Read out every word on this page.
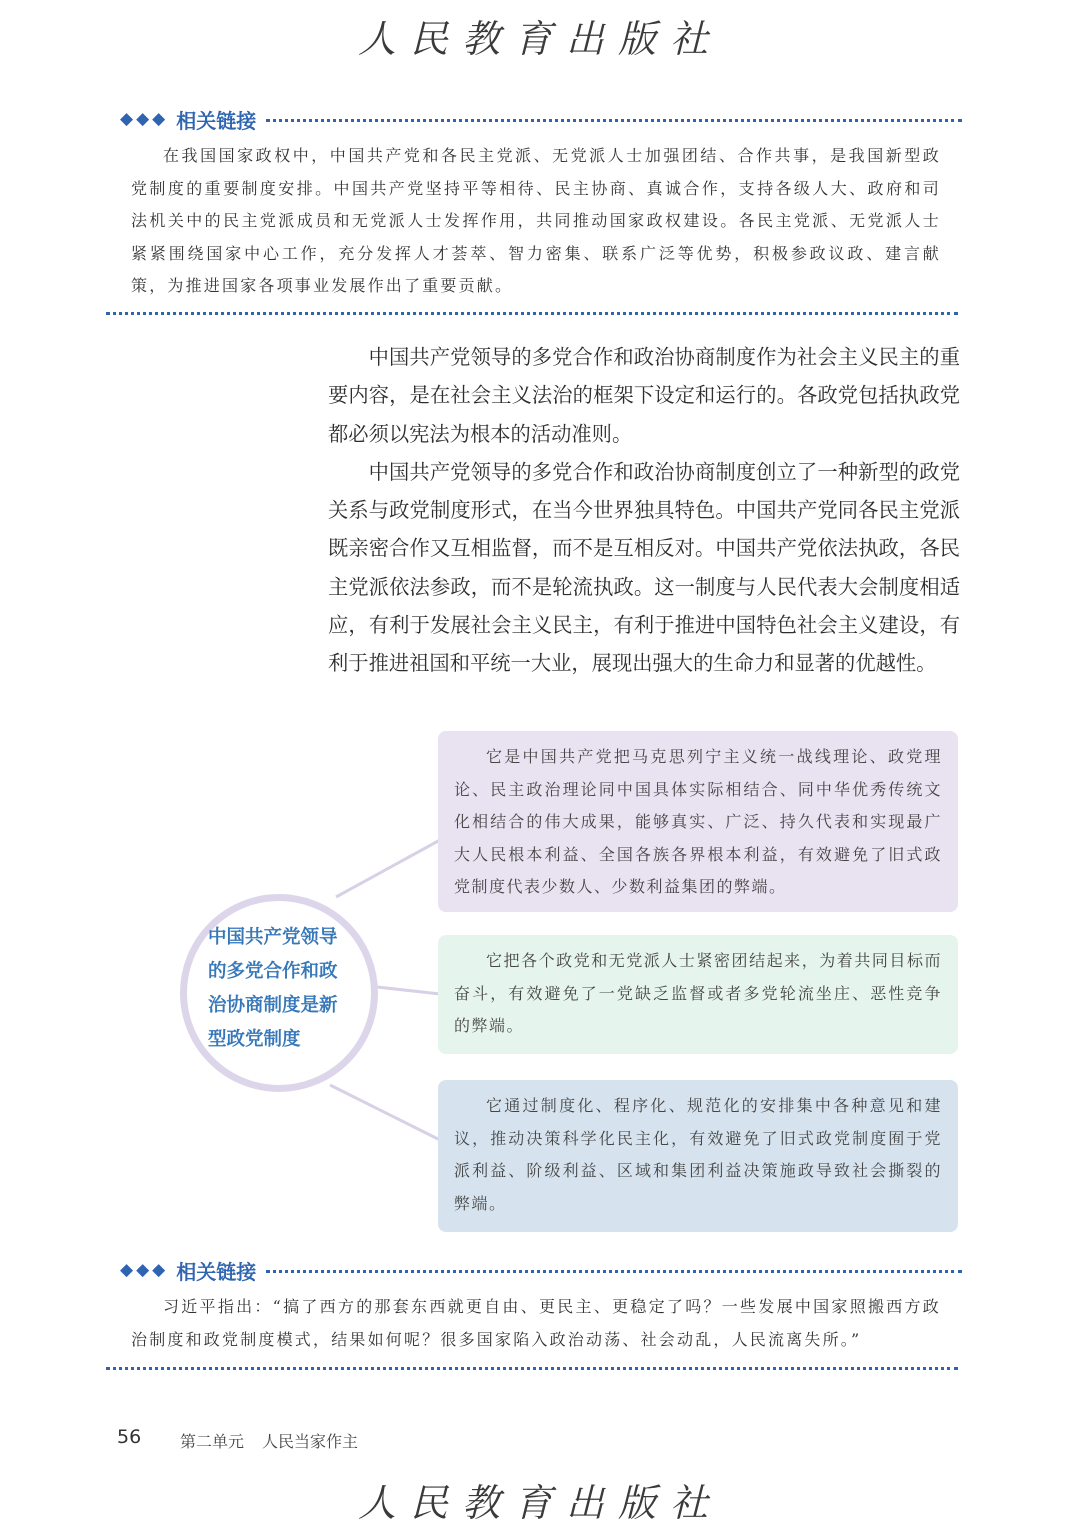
人民教育出版社
◆◆◆ 相关链接
在我国国家政权中，中国共产党和各民主党派、无党派人士加强团结、合作共事，是我国新型政党制度的重要制度安排。中国共产党坚持平等相待、民主协商、真诚合作，支持各级人大、政府和司法机关中的民主党派成员和无党派人士发挥作用，共同推动国家政权建设。各民主党派、无党派人士紧紧围绕国家中心工作，充分发挥人才荟萃、智力密集、联系广泛等优势，积极参政议政、建言献策，为推进国家各项事业发展作出了重要贡献。

中国共产党领导的多党合作和政治协商制度作为社会主义民主的重要内容，是在社会主义法治的框架下设定和运行的。各政党包括执政党都必须以宪法为根本的活动准则。

中国共产党领导的多党合作和政治协商制度创立了一种新型的政党关系与政党制度形式，在当今世界独具特色。中国共产党同各民主党派既亲密合作又互相监督，而不是互相反对。中国共产党依法执政，各民主党派依法参政，而不是轮流执政。这一制度与人民代表大会制度相适应，有利于发展社会主义民主，有利于推进中国特色社会主义建设，有利于推进祖国和平统一大业，展现出强大的生命力和显著的优越性。

中国共产党领导的多党合作和政治协商制度是新型政党制度
它是中国共产党把马克思列宁主义统一战线理论、政党理论、民主政治理论同中国具体实际相结合、同中华优秀传统文化相结合的伟大成果，能够真实、广泛、持久代表和实现最广大人民根本利益、全国各族各界根本利益，有效避免了旧式政党制度代表少数人、少数利益集团的弊端。
它把各个政党和无党派人士紧密团结起来，为着共同目标而奋斗，有效避免了一党缺乏监督或者多党轮流坐庄、恶性竞争的弊端。
它通过制度化、程序化、规范化的安排集中各种意见和建议，推动决策科学化民主化，有效避免了旧式政党制度囿于党派利益、阶级利益、区域和集团利益决策施政导致社会撕裂的弊端。
◆◆◆ 相关链接
习近平指出：“搞了西方的那套东西就更自由、更民主、更稳定了吗？一些发展中国家照搬西方政治制度和政党制度模式，结果如何呢？很多国家陷入政治动荡、社会动乱，人民流离失所。”
56 第二单元 人民当家作主
人民教育出版社
